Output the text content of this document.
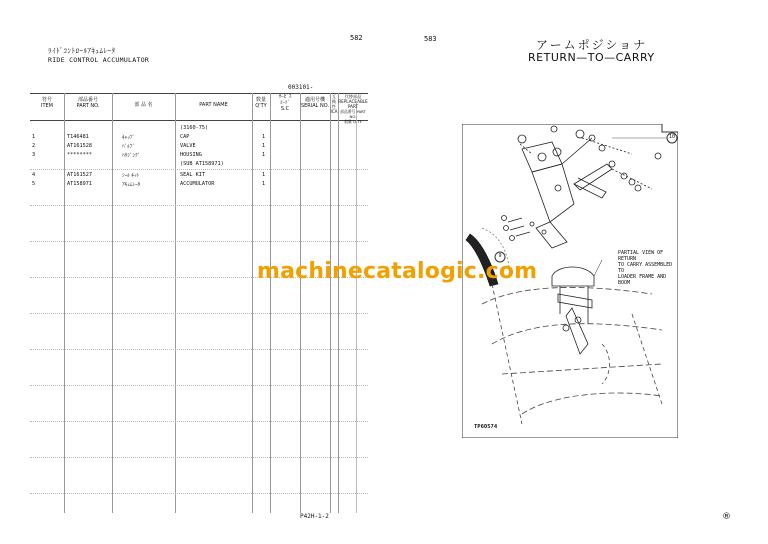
582	583
ﾗｲﾄﾞｺﾝﾄﾛｰﾙｱｷｭﾑﾚｰﾀ
RIDE CONTROL ACCUMULATOR
003101-
符号
ITEM
部品番号
PART NO.	部 品 名	PART NAME
数量
Q'TY
ｻｰﾋﾞｽ
ｺｰﾄﾞ
S.C
適用号機
SERIAL NO.
互換性
ICA
代替部品
REPLACEABLE PART
部品番号 PART NO.
数量 Q'TY
(3160-75)
1	T146481	ｷｬｯﾌﾟ	CAP	1
2	AT161528	ﾊﾞﾙﾌﾞ	VALVE	1
3	********	ﾊｳｼﾞﾝｸﾞ	HOUSING	1
(SUB AT158971)
4	AT161527	ｼｰﾙ ｷｯﾄ	SEAL KIT	1
5	AT158971	ｱｷｭﾑﾚｰﾀ	ACCUMULATOR	1
P42H-1-2
アームポジショナ
RETURN—TO—CARRY
10
9	PARTIAL VIEW OF RETURN
TO CARRY ASSEMBLED TO
LOADER FRAME AND BOOM
TP60574
®
machinecatalogic.com
